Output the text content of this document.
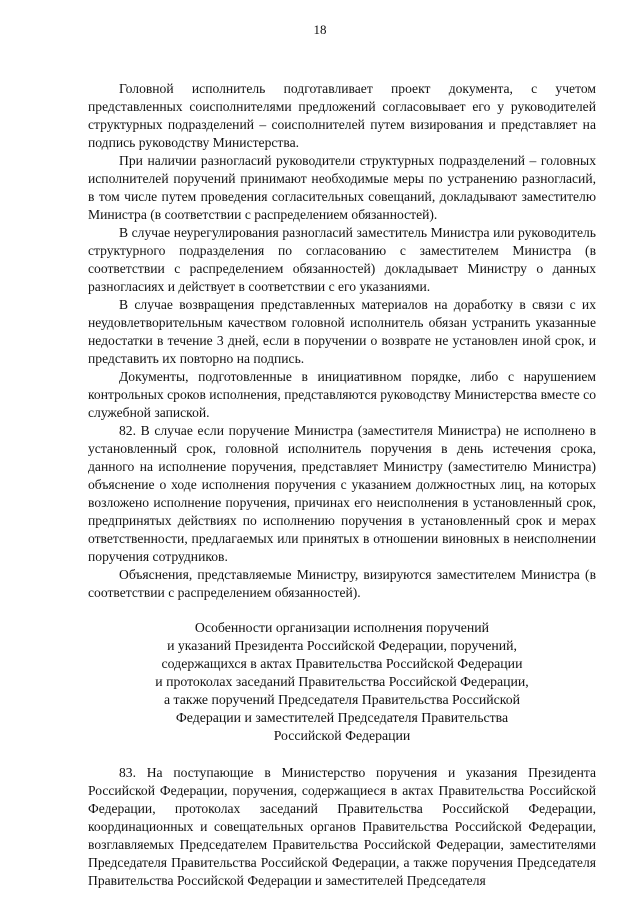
18

Головной исполнитель подготавливает проект документа, с учетом представленных соисполнителями предложений согласовывает его у руководителей структурных подразделений – соисполнителей путем визирования и представляет на подпись руководству Министерства.

При наличии разногласий руководители структурных подразделений – головных исполнителей поручений принимают необходимые меры по устранению разногласий, в том числе путем проведения согласительных совещаний, докладывают заместителю Министра (в соответствии с распределением обязанностей).

В случае неурегулирования разногласий заместитель Министра или руководитель структурного подразделения по согласованию с заместителем Министра (в соответствии с распределением обязанностей) докладывает Министру о данных разногласиях и действует в соответствии с его указаниями.

В случае возвращения представленных материалов на доработку в связи с их неудовлетворительным качеством головной исполнитель обязан устранить указанные недостатки в течение 3 дней, если в поручении о возврате не установлен иной срок, и представить их повторно на подпись.

Документы, подготовленные в инициативном порядке, либо с нарушением контрольных сроков исполнения, представляются руководству Министерства вместе со служебной запиской.

82. В случае если поручение Министра (заместителя Министра) не исполнено в установленный срок, головной исполнитель поручения в день истечения срока, данного на исполнение поручения, представляет Министру (заместителю Министра) объяснение о ходе исполнения поручения с указанием должностных лиц, на которых возложено исполнение поручения, причинах его неисполнения в установленный срок, предпринятых действиях по исполнению поручения в установленный срок и мерах ответственности, предлагаемых или принятых в отношении виновных в неисполнении поручения сотрудников.

Объяснения, представляемые Министру, визируются заместителем Министра (в соответствии с распределением обязанностей).

Особенности организации исполнения поручений
и указаний Президента Российской Федерации, поручений,
содержащихся в актах Правительства Российской Федерации
и протоколах заседаний Правительства Российской Федерации,
а также поручений Председателя Правительства Российской
Федерации и заместителей Председателя Правительства
Российской Федерации

83. На поступающие в Министерство поручения и указания Президента Российской Федерации, поручения, содержащиеся в актах Правительства Российской Федерации, протоколах заседаний Правительства Российской Федерации, координационных и совещательных органов Правительства Российской Федерации, возглавляемых Председателем Правительства Российской Федерации, заместителями Председателя Правительства Российской Федерации, а также поручения Председателя Правительства Российской Федерации и заместителей Председателя
